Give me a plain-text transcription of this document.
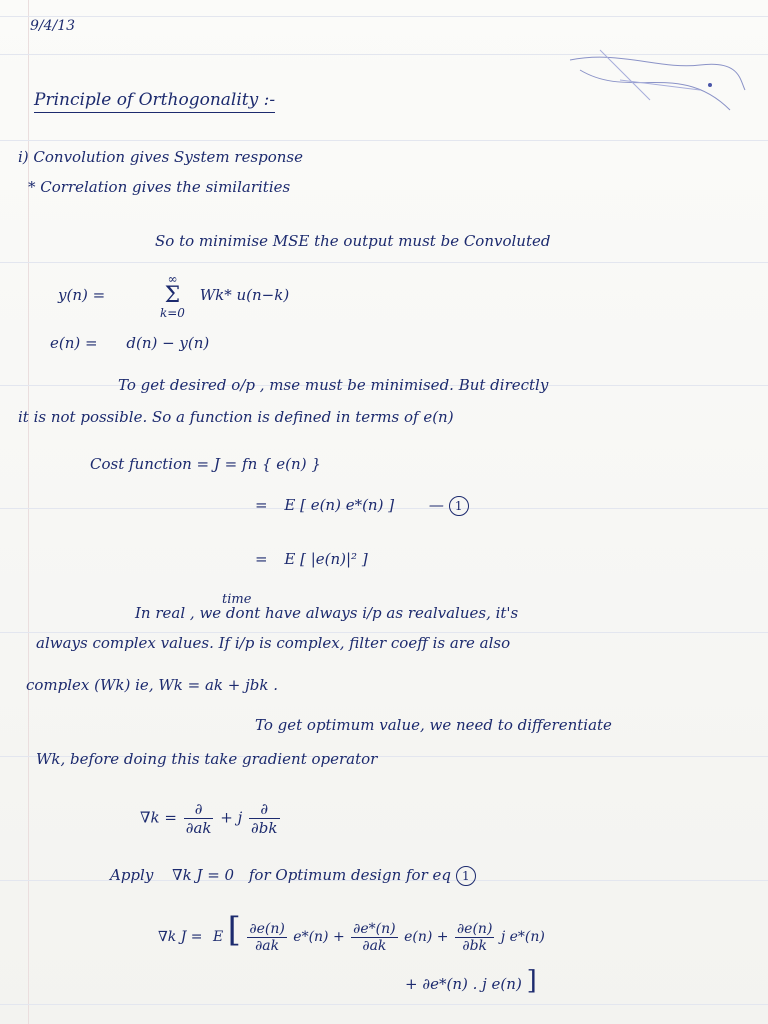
9/4/13
Principle of Orthogonality :-
i) Convolution gives System response
* Correlation gives the similarities
So to minimise MSE the output must be Convoluted
y(n) =
∞
Σ
k=0
Wk* u(n−k)
e(n) = d(n) − y(n)
To get desired o/p , mse must be minimised. But directly
it is not possible. So a function is defined in terms of e(n)
Cost function = J = fn { e(n) }
= E [ e(n) e*(n) ] — 1
= E [ |e(n)|² ]
time
In real , we dont have always i/p as realvalues, it's
always complex values. If i/p is complex, filter coeff is are also
complex (Wk) ie, Wk = ak + jbk .
To get optimum value, we need to differentiate
Wk, before doing this take gradient operator
$\nabla k = \frac{\partial}{\partial ak} + j \frac{\partial}{\partial bk}$
Apply ∇k J = 0 for Optimum design for eq 1
∇k J = E [ $\frac{\partial e(n)}{\partial ak} e*(n) + \frac{\partial e*(n)}{\partial ak} e(n) + \frac{\partial e(n)}{\partial bk}$ j e*(n)
+ ∂e*(n) . j e(n) ]
